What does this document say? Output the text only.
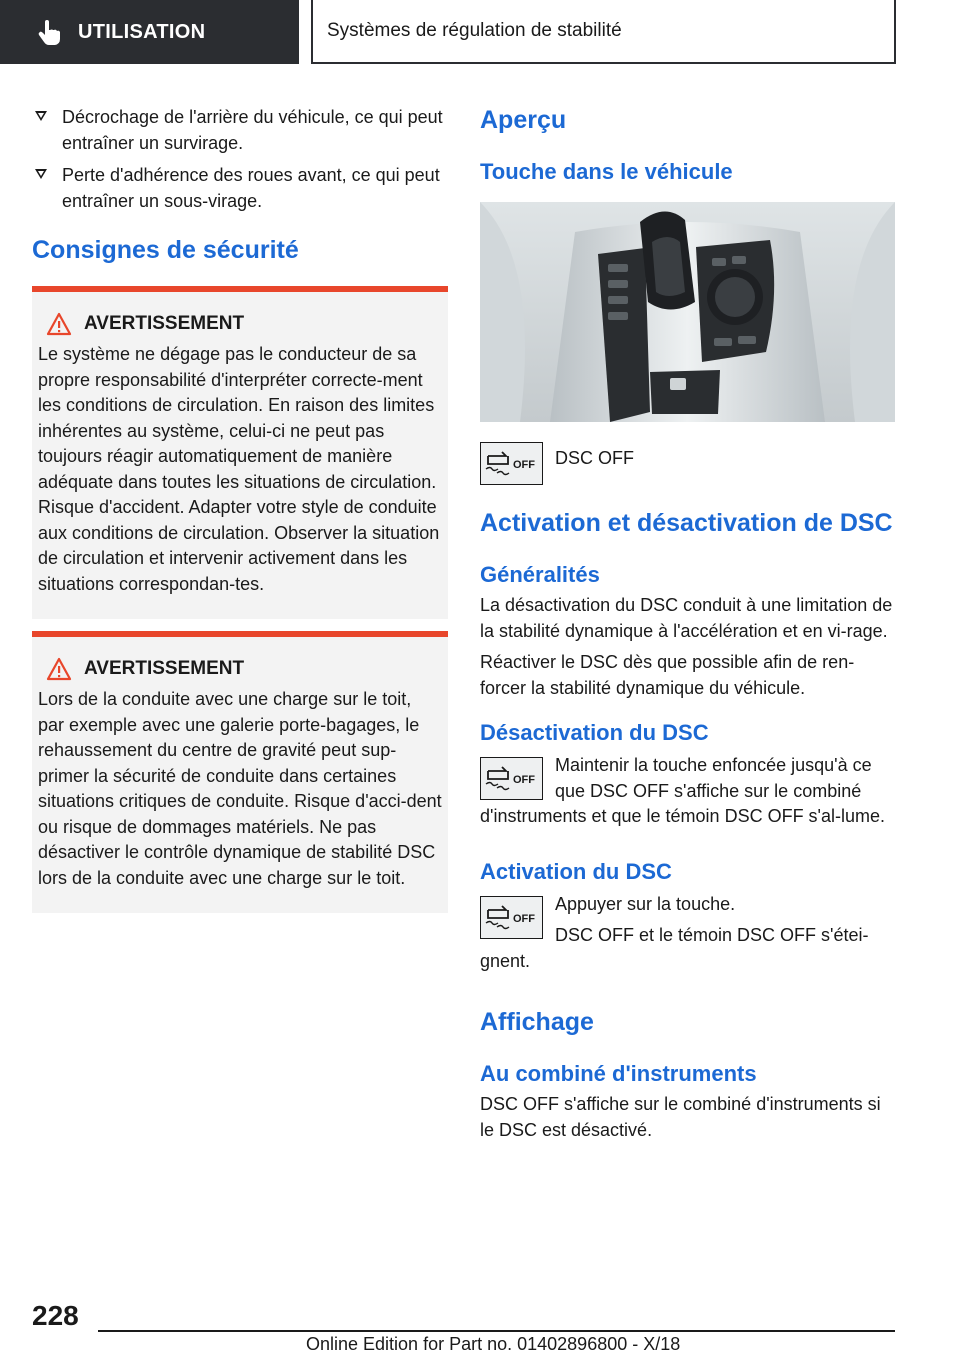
UTILISATION	Systèmes de régulation de stabilité
Décrochage de l'arrière du véhicule, ce qui peut entraîner un survirage.
Perte d'adhérence des roues avant, ce qui peut entraîner un sous-virage.
Consignes de sécurité
AVERTISSEMENT

Le système ne dégage pas le conducteur de sa propre responsabilité d'interpréter correcte-ment les conditions de circulation. En raison des limites inhérentes au système, celui-ci ne peut pas toujours réagir automatiquement de manière adéquate dans toutes les situations de circulation. Risque d'accident. Adapter votre style de conduite aux conditions de circulation. Observer la situation de circulation et intervenir activement dans les situations correspondan-tes.

AVERTISSEMENT

Lors de la conduite avec une charge sur le toit, par exemple avec une galerie porte-bagages, le rehaussement du centre de gravité peut sup-primer la sécurité de conduite dans certaines situations critiques de conduite. Risque d'acci-dent ou risque de dommages matériels. Ne pas désactiver le contrôle dynamique de stabilité DSC lors de la conduite avec une charge sur le toit.

Aperçu
Touche dans le véhicule
OFF	DSC OFF

Activation et désactivation de DSC
Généralités

La désactivation du DSC conduit à une limitation de la stabilité dynamique à l'accélération et en vi-rage.

Réactiver le DSC dès que possible afin de ren-forcer la stabilité dynamique du véhicule.

Désactivation du DSC
OFF

Maintenir la touche enfoncée jusqu'à ce que DSC OFF s'affiche sur le combiné d'instruments et que le témoin DSC OFF s'al-lume.

Activation du DSC
OFF

Appuyer sur la touche.

DSC OFF et le témoin DSC OFF s'étei-gnent.

Affichage
Au combiné d'instruments

DSC OFF s'affiche sur le combiné d'instruments si le DSC est désactivé.

228
Online Edition for Part no. 01402896800 - X/18
